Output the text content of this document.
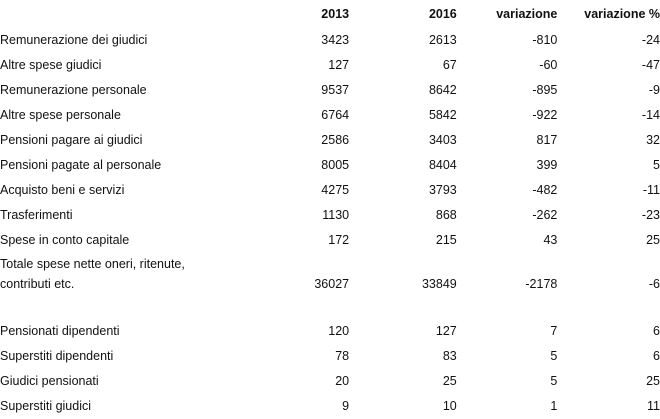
	2013	2016	variazione	variazione %
Remunerazione dei giudici	3423	2613	-810	-24
Altre spese giudici	127	67	-60	-47
Remunerazione personale	9537	8642	-895	-9
Altre spese personale	6764	5842	-922	-14
Pensioni pagare ai giudici	2586	3403	817	32
Pensioni pagate al personale	8005	8404	399	5
Acquisto beni e servizi	4275	3793	-482	-11
Trasferimenti	1130	868	-262	-23
Spese in conto capitale	172	215	43	25

Totale spese nette oneri, ritenute,
contributi etc.	36027	33849	-2178	-6

Pensionati dipendenti	120	127	7	6
Superstiti dipendenti	78	83	5	6
Giudici pensionati	20	25	5	25
Superstiti giudici	9	10	1	11
